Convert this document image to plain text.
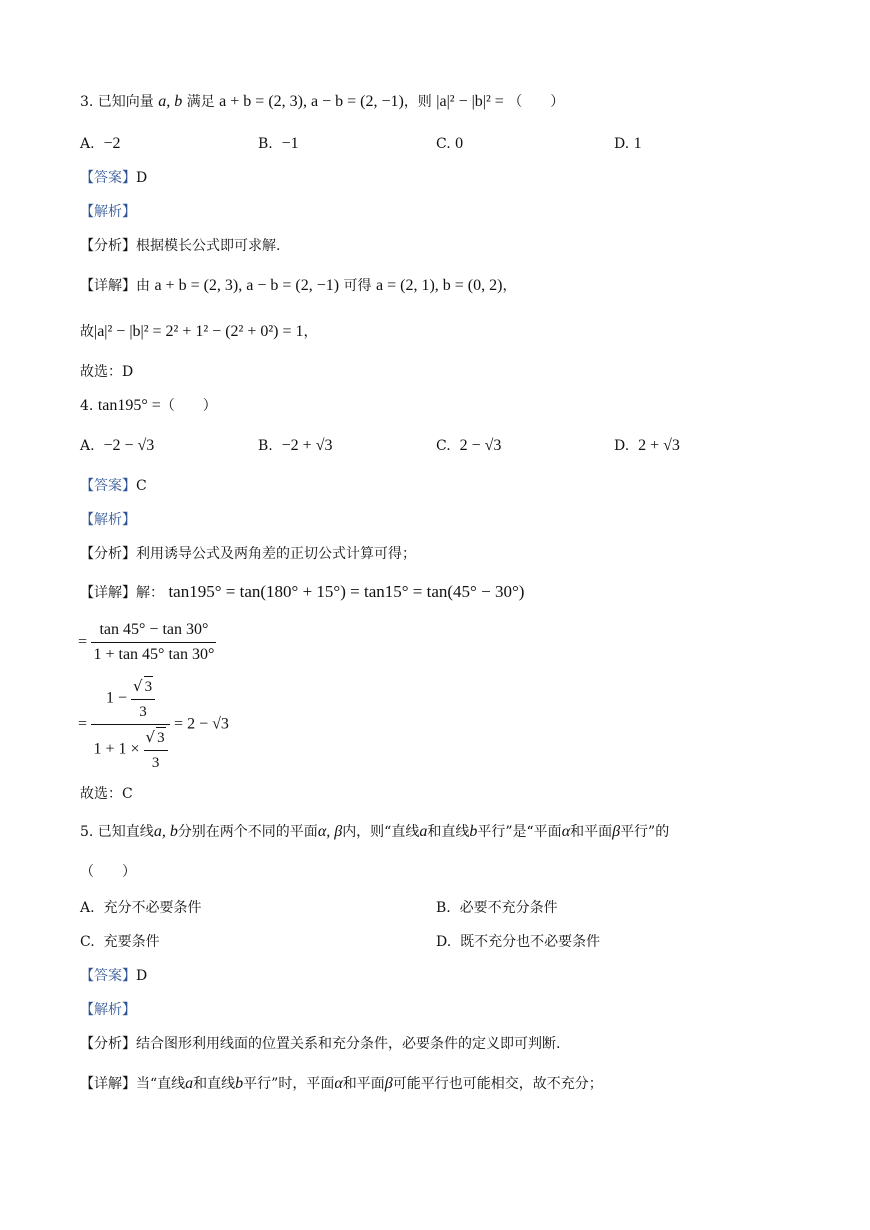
3. 已知向量 a, b 满足 a + b = (2, 3), a − b = (2, −1)，则 |a|² − |b|² = （　　）
A. −2	B. −1	C. 0	D. 1
【答案】D
【解析】
【分析】根据模长公式即可求解.
【详解】由 a + b = (2, 3), a − b = (2, −1) 可得 a = (2, 1), b = (0, 2)，
故|a|² − |b|² = 2² + 1² − (2² + 0²) = 1，
故选：D
4. tan195° =（　　）
A. −2 − √3	B. −2 + √3	C. 2 − √3	D. 2 + √3
【答案】C
【解析】
【分析】利用诱导公式及两角差的正切公式计算可得；
【详解】解： tan195° = tan(180° + 15°) = tan15° = tan(45° − 30°)
= $\frac{\tan 45^\circ - \tan 30^\circ}{1 + \tan 45^\circ \tan 30^\circ}$
= $\frac{1 - \frac{√ 3}{3}}{1 + 1 \times \frac{√ 3}{3}} = 2 - √3$
故选：C
5. 已知直线a, b分别在两个不同的平面α, β内，则“直线a和直线b平行”是“平面α和平面β平行”的
（　　）
A. 充分不必要条件	B. 必要不充分条件
C. 充要条件	D. 既不充分也不必要条件
【答案】D
【解析】
【分析】结合图形利用线面的位置关系和充分条件，必要条件的定义即可判断.
【详解】当“直线a和直线b平行”时，平面α和平面β可能平行也可能相交，故不充分；
